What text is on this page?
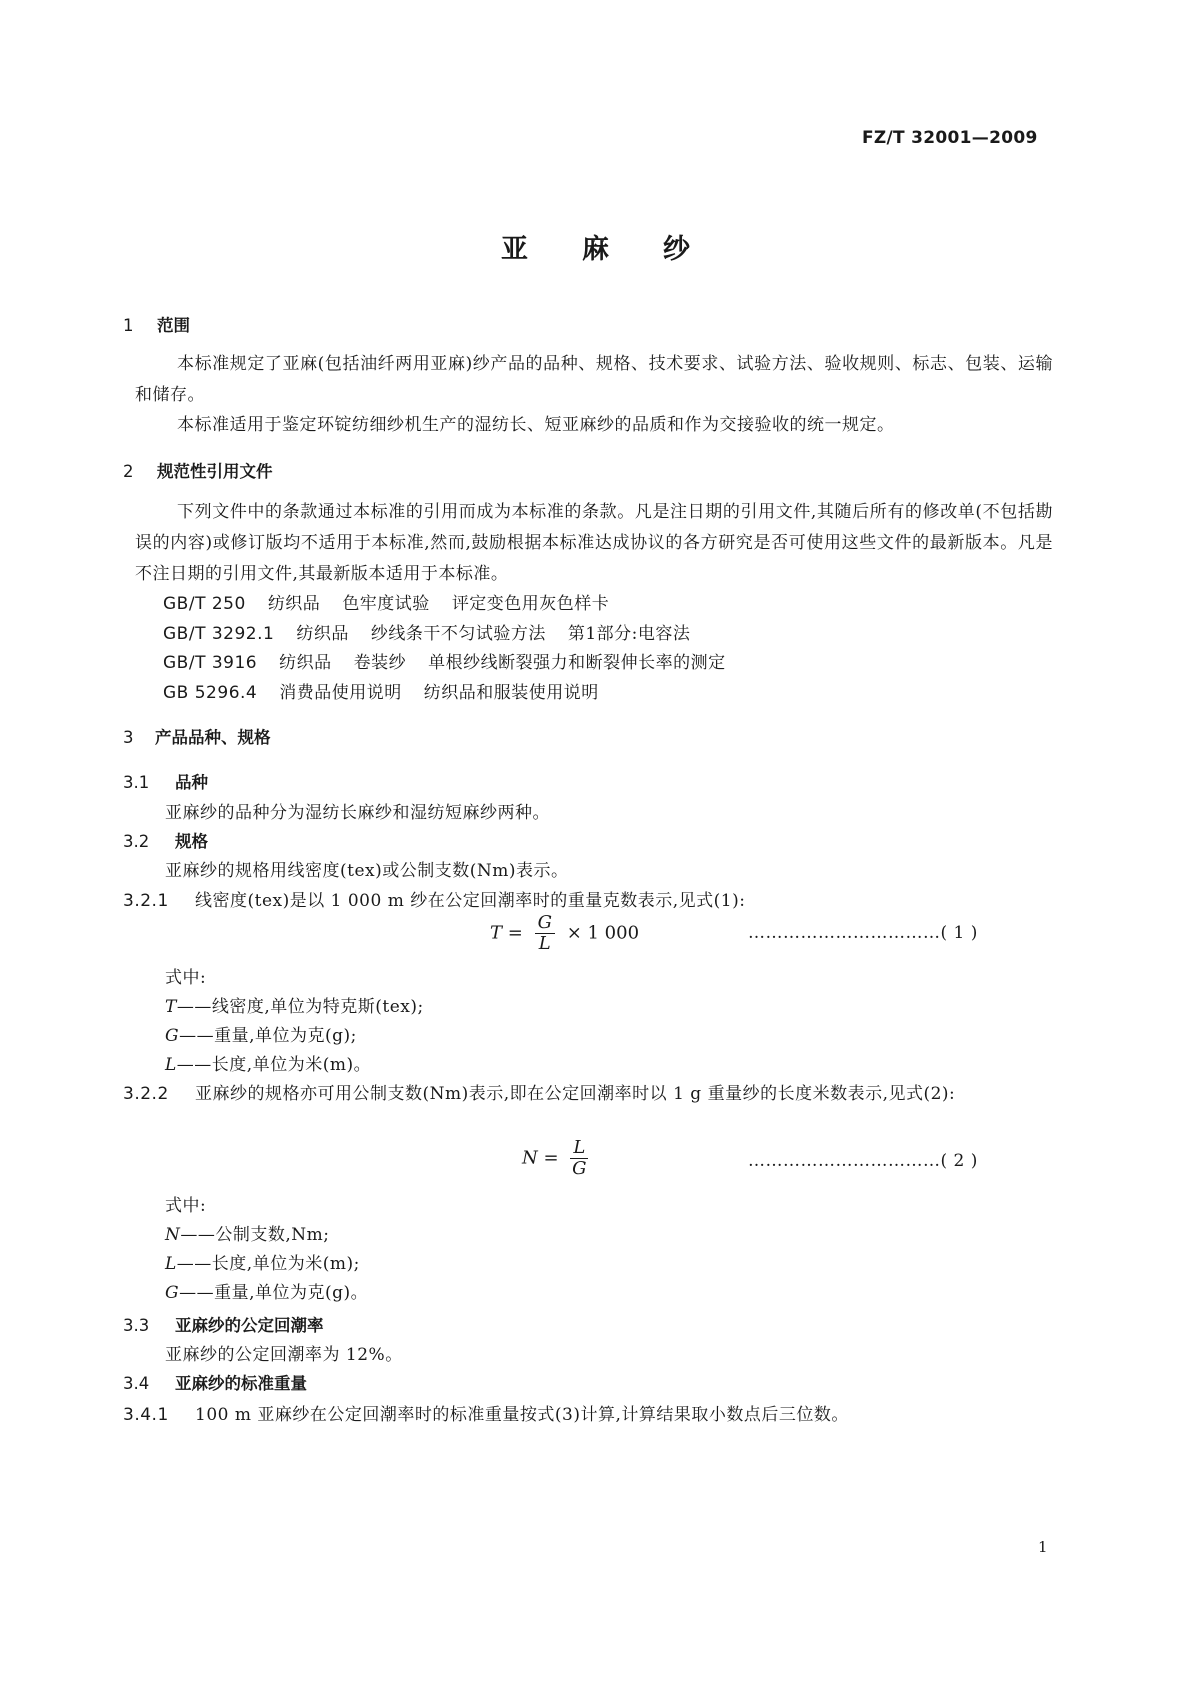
FZ/T 32001—2009
亚 麻 纱
1 范围
本标准规定了亚麻(包括油纤两用亚麻)纱产品的品种、规格、技术要求、试验方法、验收规则、标志、包装、运输和储存。
本标准适用于鉴定环锭纺细纱机生产的湿纺长、短亚麻纱的品质和作为交接验收的统一规定。
2 规范性引用文件
下列文件中的条款通过本标准的引用而成为本标准的条款。凡是注日期的引用文件,其随后所有的修改单(不包括勘误的内容)或修订版均不适用于本标准,然而,鼓励根据本标准达成协议的各方研究是否可使用这些文件的最新版本。凡是不注日期的引用文件,其最新版本适用于本标准。
GB/T 250 纺织品 色牢度试验 评定变色用灰色样卡
GB/T 3292.1 纺织品 纱线条干不匀试验方法 第1部分:电容法
GB/T 3916 纺织品 卷装纱 单根纱线断裂强力和断裂伸长率的测定
GB 5296.4 消费品使用说明 纺织品和服装使用说明
3 产品品种、规格
3.1 品种
亚麻纱的品种分为湿纺长麻纱和湿纺短麻纱两种。
3.2 规格
亚麻纱的规格用线密度(tex)或公制支数(Nm)表示。
3.2.1 线密度(tex)是以 1 000 m 纱在公定回潮率时的重量克数表示,见式(1):
$T = \frac{G}{L} \times 1$ 000	……………………………( 1 )
式中:
T——线密度,单位为特克斯(tex);
G——重量,单位为克(g);
L——长度,单位为米(m)。
3.2.2 亚麻纱的规格亦可用公制支数(Nm)表示,即在公定回潮率时以 1 g 重量纱的长度米数表示,见式(2):
$N = \frac{L}{G}$	……………………………( 2 )
式中:
N——公制支数,Nm;
L——长度,单位为米(m);
G——重量,单位为克(g)。
3.3 亚麻纱的公定回潮率
亚麻纱的公定回潮率为 12%。
3.4 亚麻纱的标准重量
3.4.1 100 m 亚麻纱在公定回潮率时的标准重量按式(3)计算,计算结果取小数点后三位数。
1
